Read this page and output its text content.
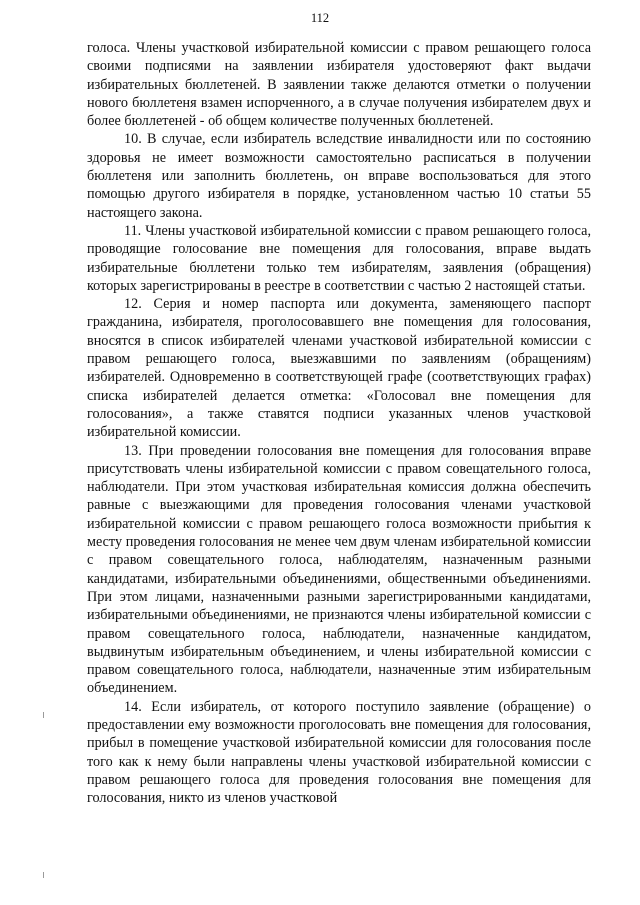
112

голоса. Члены участковой избирательной комиссии с правом решающего голоса своими подписями на заявлении избирателя удостоверяют факт выдачи избирательных бюллетеней. В заявлении также делаются отметки о получении нового бюллетеня взамен испорченного, а в случае получения избирателем двух и более бюллетеней - об общем количестве полученных бюллетеней.

10. В случае, если избиратель вследствие инвалидности или по состоянию здоровья не имеет возможности самостоятельно расписаться в получении бюллетеня или заполнить бюллетень, он вправе воспользоваться для этого помощью другого избирателя в порядке, установленном частью 10 статьи 55 настоящего закона.

11. Члены участковой избирательной комиссии с правом решающего голоса, проводящие голосование вне помещения для голосования, вправе выдать избирательные бюллетени только тем избирателям, заявления (обращения) которых зарегистрированы в реестре в соответствии с частью 2 настоящей статьи.

12. Серия и номер паспорта или документа, заменяющего паспорт гражданина, избирателя, проголосовавшего вне помещения для голосования, вносятся в список избирателей членами участковой избирательной комиссии с правом решающего голоса, выезжавшими по заявлениям (обращениям) избирателей. Одновременно в соответствующей графе (соответствующих графах) списка избирателей делается отметка: «Голосовал вне помещения для голосования», а также ставятся подписи указанных членов участковой избирательной комиссии.

13. При проведении голосования вне помещения для голосования вправе присутствовать члены избирательной комиссии с правом совещательного голоса, наблюдатели. При этом участковая избирательная комиссия должна обеспечить равные с выезжающими для проведения голосования членами участковой избирательной комиссии с правом решающего голоса возможности прибытия к месту проведения голосования не менее чем двум членам избирательной комиссии с правом совещательного голоса, наблюдателям, назначенным разными кандидатами, избирательными объединениями, общественными объединениями. При этом лицами, назначенными разными зарегистрированными кандидатами, избирательными объединениями, не признаются члены избирательной комиссии с правом совещательного голоса, наблюдатели, назначенные кандидатом, выдвинутым избирательным объединением, и члены избирательной комиссии с правом совещательного голоса, наблюдатели, назначенные этим избирательным объединением.

14. Если избиратель, от которого поступило заявление (обращение) о предоставлении ему возможности проголосовать вне помещения для голосования, прибыл в помещение участковой избирательной комиссии для голосования после того как к нему были направлены члены участковой избирательной комиссии с правом решающего голоса для проведения голосования вне помещения для голосования, никто из членов участковой
